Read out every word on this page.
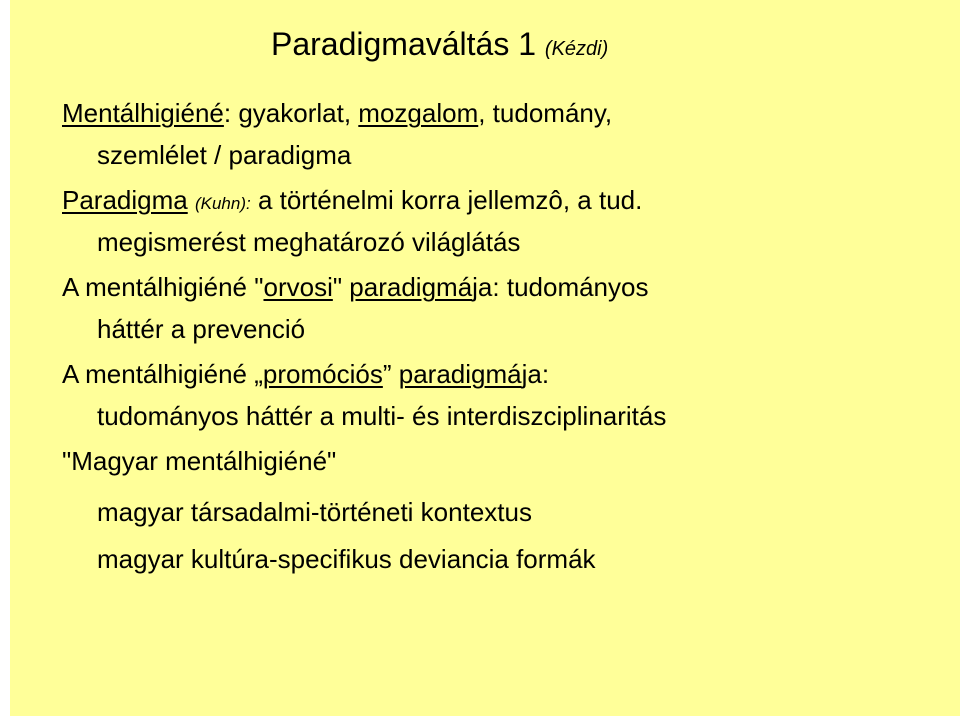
Paradigmaváltás 1 (Kézdi)
Mentálhigiéné: gyakorlat, mozgalom, tudomány,
szemlélet / paradigma
Paradigma (Kuhn): a történelmi korra jellemzô, a tud.
megismerést meghatározó világlátás
A mentálhigiéné "orvosi" paradigmája: tudományos
háttér a prevenció
A mentálhigiéné „promóciós” paradigmája:
tudományos háttér a multi- és interdiszciplinaritás
"Magyar mentálhigiéné"
magyar társadalmi-történeti kontextus
magyar kultúra-specifikus deviancia formák
